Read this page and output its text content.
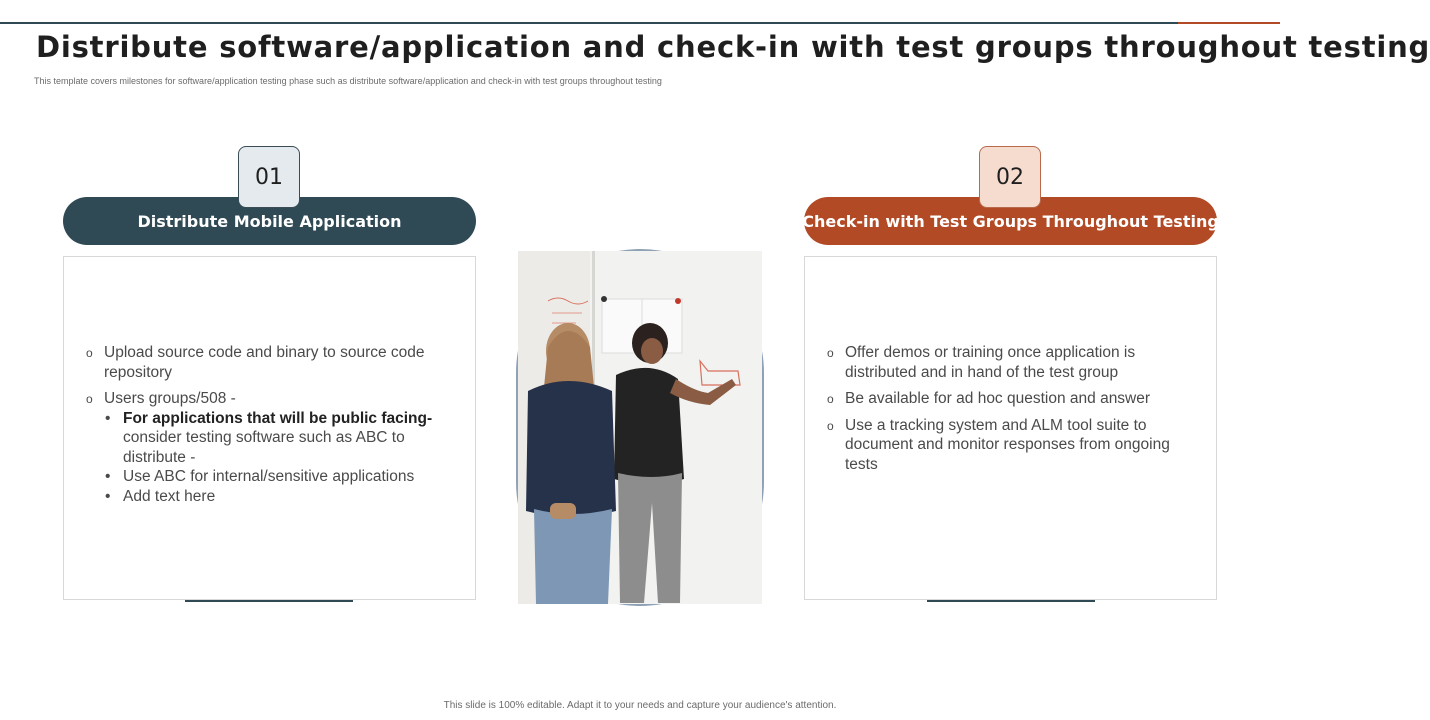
Distribute software/application and check-in with test groups throughout testing
This template covers milestones for software/application testing phase such as distribute software/application and check-in with test groups throughout testing
01
Distribute Mobile Application
o Upload source code and binary to source code repository
o Users groups/508 -
• For applications that will be public facing-
consider testing software such as ABC to distribute -
• Use ABC for internal/sensitive applications
• Add text here
02
Check-in with Test Groups Throughout Testing
o Offer demos or training once application is distributed and in hand of the test group
o Be available for ad hoc question and answer
o Use a tracking system and ALM tool suite to document and monitor responses from ongoing tests
This slide is 100% editable. Adapt it to your needs and capture your audience's attention.
